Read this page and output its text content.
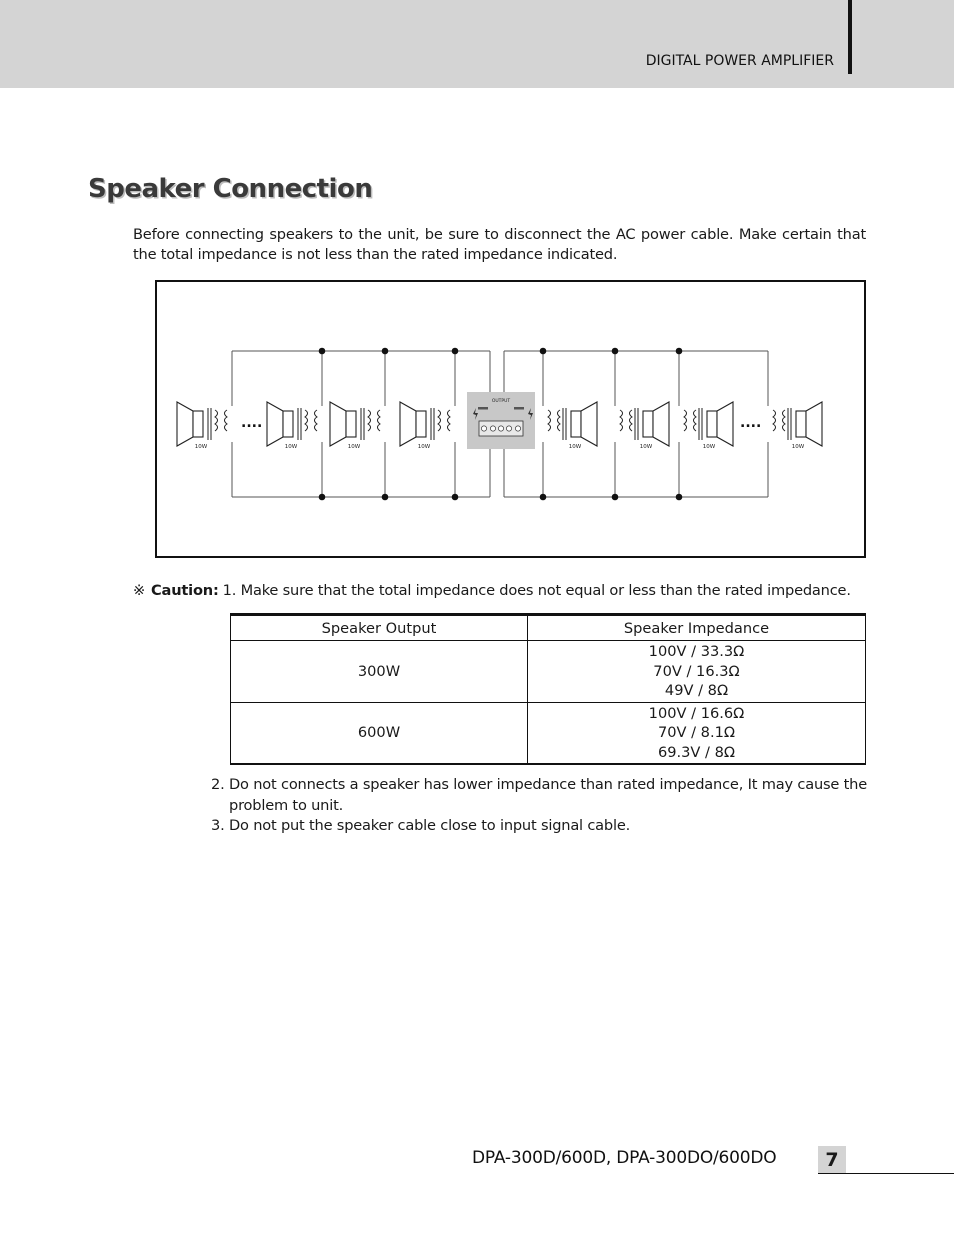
DIGITAL POWER AMPLIFIER
Speaker Connection

Before connecting speakers to the unit, be sure to disconnect the AC power cable. Make certain that the total impedance is not less than the rated impedance indicated.

OUTPUT
....	....
10W	10W	10W	10W	10W	10W	10W	10W

※ Caution: 1. Make sure that the total impedance does not equal or less than the rated impedance.

Speaker Output	Speaker Impedance
300W	100V / 33.3Ω
70V / 16.3Ω
49V / 8Ω

600W	100V / 16.6Ω
70V / 8.1Ω
69.3V / 8Ω
2. Do not connects a speaker has lower impedance than rated impedance, It may cause the problem to unit.
3. Do not put the speaker cable close to input signal cable.
DPA-300D/600D, DPA-300DO/600DO	7
